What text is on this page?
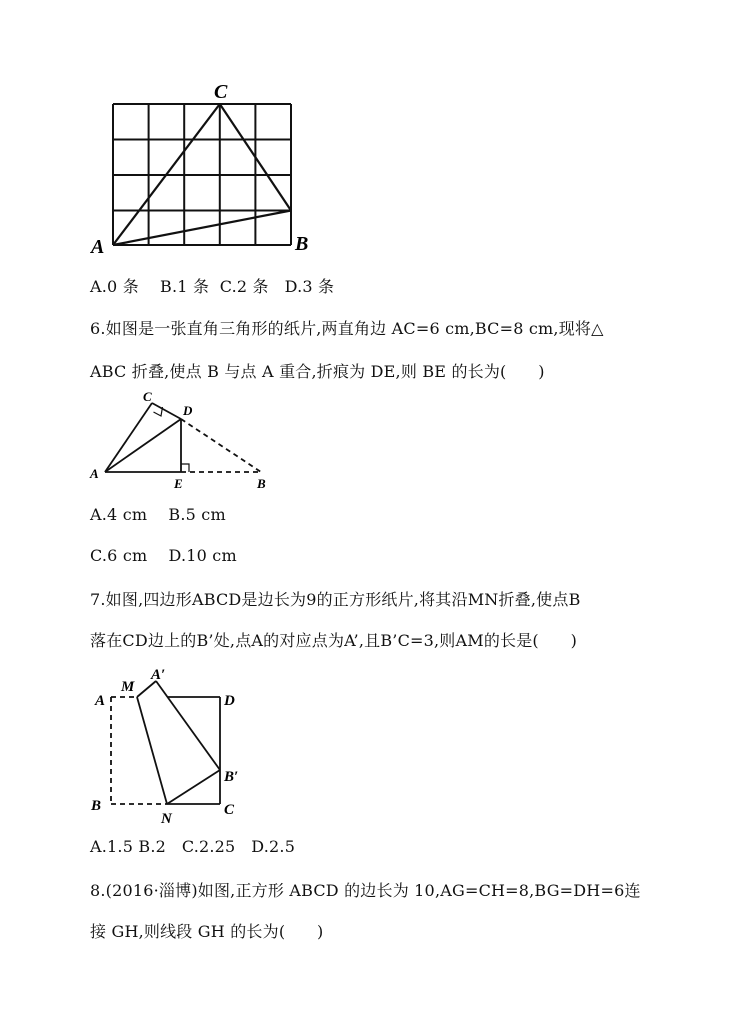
C
A	B
A.0 条    B.1 条  C.2 条   D.3 条
6.如图是一张直角三角形的纸片,两直角边 AC=6 cm,BC=8 cm,现将△
ABC 折叠,使点 B 与点 A 重合,折痕为 DE,则 BE 的长为(      )
C
D
A
E	B
A.4 cm    B.5 cm
C.6 cm    D.10 cm
7.如图,四边形ABCD是边长为9的正方形纸片,将其沿MN折叠,使点B
落在CD边上的B’处,点A的对应点为A’,且B’C=3,则AM的长是(      )
A′
M
A	D
B′
B
N
C
A.1.5 B.2   C.2.25   D.2.5
8.(2016·淄博)如图,正方形 ABCD 的边长为 10,AG=CH=8,BG=DH=6连
接 GH,则线段 GH 的长为(      )
